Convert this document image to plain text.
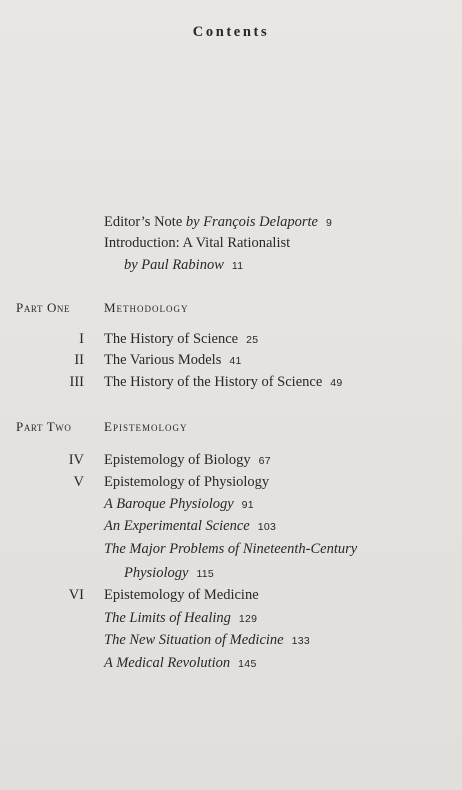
Contents
Editor’s Note by François Delaporte 9
Introduction: A Vital Rationalist
by Paul Rabinow 11
Part One	Methodology
I The History of Science 25
II The Various Models 41
III The History of the History of Science 49
Part Two	Epistemology
IV Epistemology of Biology 67
V Epistemology of Physiology
A Baroque Physiology 91
An Experimental Science 103
The Major Problems of Nineteenth-Century
Physiology 115
VI Epistemology of Medicine
The Limits of Healing 129
The New Situation of Medicine 133
A Medical Revolution 145
